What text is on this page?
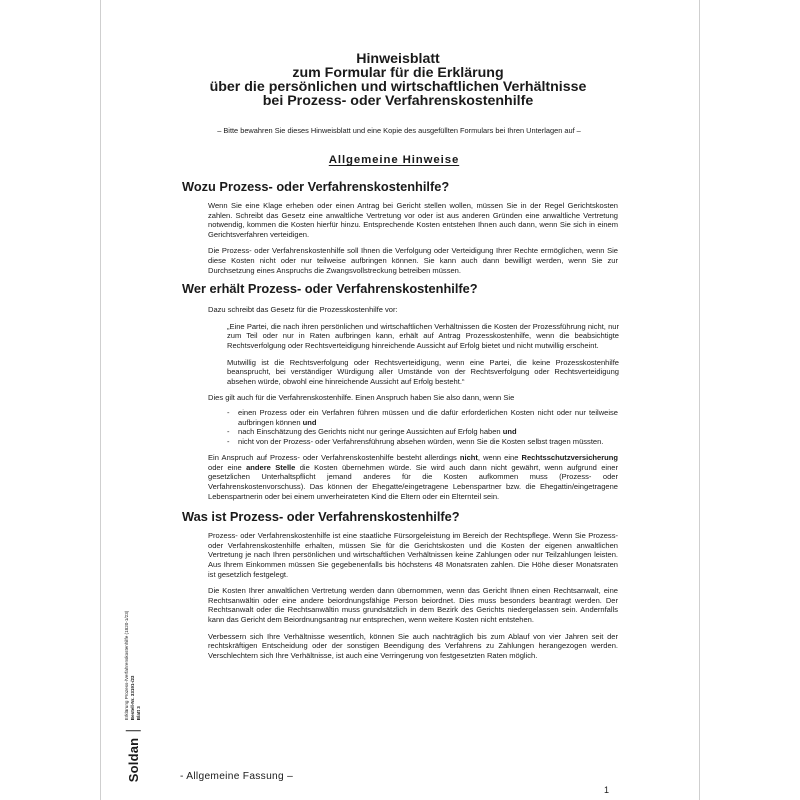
Soldan Erklärung Prozess-/Verfahrenskostenhilfe (1820-1/23)
Bestell-Nr. 33191-/23
Blatt 3
Hinweisblatt
zum Formular für die Erklärung
über die persönlichen und wirtschaftlichen Verhältnisse
bei Prozess- oder Verfahrenskostenhilfe
– Bitte bewahren Sie dieses Hinweisblatt und eine Kopie des ausgefüllten Formulars bei Ihren Unterlagen auf –
Allgemeine Hinweise
Wozu Prozess- oder Verfahrenskostenhilfe?

Wenn Sie eine Klage erheben oder einen Antrag bei Gericht stellen wollen, müssen Sie in der Regel Gerichtskosten zahlen. Schreibt das Gesetz eine anwaltliche Vertretung vor oder ist aus anderen Gründen eine anwaltliche Vertretung notwendig, kommen die Kosten hierfür hinzu. Entsprechende Kosten entstehen Ihnen auch dann, wenn Sie sich in einem Gerichtsverfahren verteidigen.

Die Prozess- oder Verfahrenskostenhilfe soll Ihnen die Verfolgung oder Verteidigung Ihrer Rechte ermöglichen, wenn Sie diese Kosten nicht oder nur teilweise aufbringen können. Sie kann auch dann bewilligt werden, wenn Sie zur Durchsetzung eines Anspruchs die Zwangsvollstreckung betreiben müssen.

Wer erhält Prozess- oder Verfahrenskostenhilfe?

Dazu schreibt das Gesetz für die Prozesskostenhilfe vor:

„Eine Partei, die nach ihren persönlichen und wirtschaftlichen Verhältnissen die Kosten der Prozessführung nicht, nur zum Teil oder nur in Raten aufbringen kann, erhält auf Antrag Prozesskostenhilfe, wenn die beabsichtigte Rechtsverfolgung oder Rechtsverteidigung hinreichende Aussicht auf Erfolg bietet und nicht mutwillig erscheint.

Mutwillig ist die Rechtsverfolgung oder Rechtsverteidigung, wenn eine Partei, die keine Prozesskostenhilfe beansprucht, bei verständiger Würdigung aller Umstände von der Rechtsverfolgung oder Rechtsverteidigung absehen würde, obwohl eine hinreichende Aussicht auf Erfolg besteht.“

Dies gilt auch für die Verfahrenskostenhilfe. Einen Anspruch haben Sie also dann, wenn Sie

- einen Prozess oder ein Verfahren führen müssen und die dafür erforderlichen Kosten nicht oder nur teilweise aufbringen können und
- nach Einschätzung des Gerichts nicht nur geringe Aussichten auf Erfolg haben und
- nicht von der Prozess- oder Verfahrensführung absehen würden, wenn Sie die Kosten selbst tragen müssten.

Ein Anspruch auf Prozess- oder Verfahrenskostenhilfe besteht allerdings nicht, wenn eine Rechtsschutzversicherung oder eine andere Stelle die Kosten übernehmen würde. Sie wird auch dann nicht gewährt, wenn aufgrund einer gesetzlichen Unterhaltspflicht jemand anderes für die Kosten aufkommen muss (Prozess- oder Verfahrenskostenvorschuss). Das können der Ehegatte/eingetragene Lebenspartner bzw. die Ehegattin/eingetragene Lebenspartnerin oder bei einem unverheirateten Kind die Eltern oder ein Elternteil sein.

Was ist Prozess- oder Verfahrenskostenhilfe?

Prozess- oder Verfahrenskostenhilfe ist eine staatliche Fürsorgeleistung im Bereich der Rechtspflege. Wenn Sie Prozess- oder Verfahrenskostenhilfe erhalten, müssen Sie für die Gerichtskosten und die Kosten der eigenen anwaltlichen Vertretung je nach Ihren persönlichen und wirtschaftlichen Verhältnissen keine Zahlungen oder nur Teilzahlungen leisten. Aus Ihrem Einkommen müssen Sie gegebenenfalls bis höchstens 48 Monatsraten zahlen. Die Höhe dieser Monatsraten ist gesetzlich festgelegt.

Die Kosten Ihrer anwaltlichen Vertretung werden dann übernommen, wenn das Gericht Ihnen einen Rechtsanwalt, eine Rechtsanwältin oder eine andere beiordnungsfähige Person beiordnet. Dies muss besonders beantragt werden. Der Rechtsanwalt oder die Rechtsanwältin muss grundsätzlich in dem Bezirk des Gerichts niedergelassen sein. Andernfalls kann das Gericht dem Beiordnungsantrag nur entsprechen, wenn weitere Kosten nicht entstehen.

Verbessern sich Ihre Verhältnisse wesentlich, können Sie auch nachträglich bis zum Ablauf von vier Jahren seit der rechtskräftigen Entscheidung oder der sonstigen Beendigung des Verfahrens zu Zahlungen herangezogen werden. Verschlechtern sich Ihre Verhältnisse, ist auch eine Verringerung von festgesetzten Raten möglich.

- Allgemeine Fassung –
1
